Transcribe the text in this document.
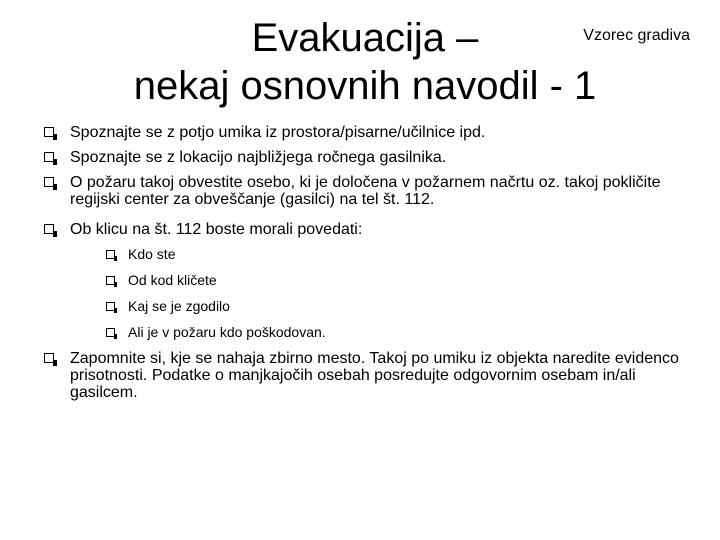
Vzorec gradiva
Evakuacija –
nekaj osnovnih navodil - 1
Spoznajte se z potjo umika iz prostora/pisarne/učilnice ipd.
Spoznajte se z lokacijo najbližjega ročnega gasilnika.
O požaru takoj obvestite osebo, ki je določena v požarnem načrtu oz. takoj pokličite regijski center za obveščanje (gasilci) na tel št. 112.
Ob klicu na št. 112 boste morali povedati:
Kdo ste
Od kod kličete
Kaj se je zgodilo
Ali je v požaru kdo poškodovan.
Zapomnite si, kje se nahaja zbirno mesto. Takoj po umiku iz objekta naredite evidenco prisotnosti. Podatke o manjkajočih osebah posredujte odgovornim osebam in/ali gasilcem.
